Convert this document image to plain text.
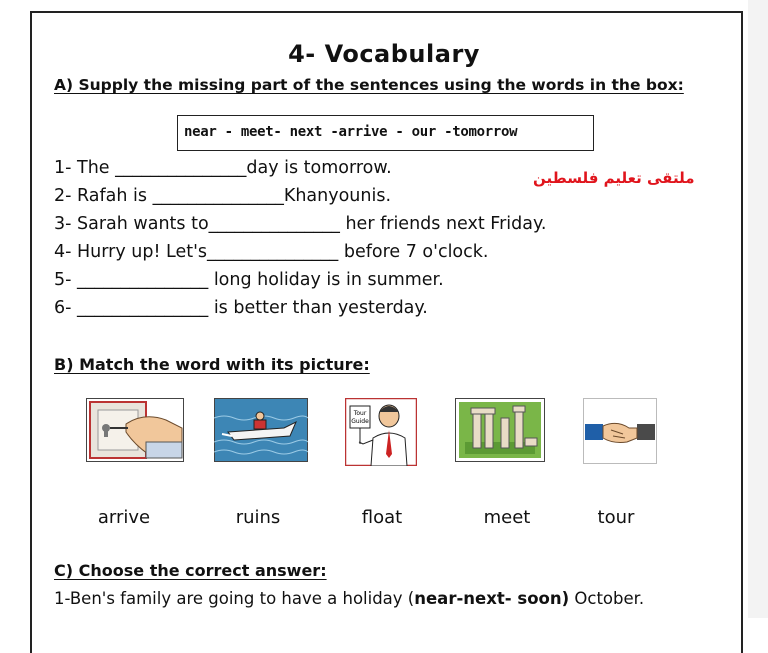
4- Vocabulary
A) Supply the missing part of the sentences using the words in the box:
near - meet- next -arrive - our -tomorrow
ملتقى تعليم فلسطين
1- The _______________day is tomorrow.
2- Rafah is _______________Khanyounis.
3- Sarah wants to_______________ her friends next Friday.
4- Hurry up! Let's_______________ before 7 o'clock.
5- _______________ long holiday is in summer.
6- _______________ is better than yesterday.
B) Match the word with its picture:
Tour
Guide
arrive	ruins	float	meet	tour
C) Choose the correct answer:
1-Ben's family are going to have a holiday (near-next- soon) October.
